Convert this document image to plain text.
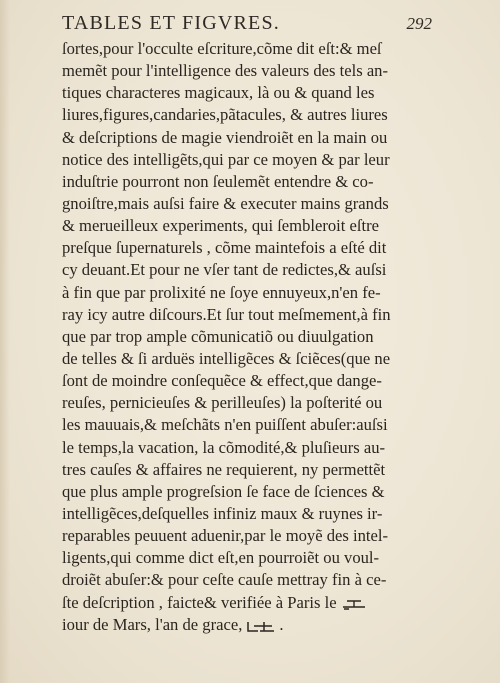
TABLES ET FIGVRES.	292
ſortes,pour l'occulte eſcriture,cõme dit eſt:& meſ
memẽt pour l'intelligence des valeurs des tels an-
tiques characteres magicaux, là ou & quand les
liures,figures,candaries,pãtacules, & autres liures
& deſcriptions de magie viendroiẽt en la main ou
notice des intelligẽts,qui par ce moyen & par leur
induſtrie pourront non ſeulemẽt entendre & co-
gnoiſtre,mais auſsi faire & executer mains grands
& merueilleux experiments, qui ſembleroit eſtre
preſque ſupernaturels , cõme maintefois a eſté dit
cy deuant.Et pour ne vſer tant de redictes,& auſsi
à fin que par prolixité ne ſoye ennuyeux,n'en fe-
ray icy autre diſcours.Et ſur tout meſmement,à fin
que par trop ample cõmunicatiõ ou diuulgation
de telles & ſi arduës intelligẽces & ſciẽces(que ne
ſont de moindre conſequẽce & effect,que dange-
reuſes, pernicieuſes & perilleuſes) la poſterité ou
les mauuais,& meſchãts n'en puiſſent abuſer:auſsi
le temps,la vacation, la cõmodité,& pluſieurs au-
tres cauſes & affaires ne requierent, ny permettẽt
que plus ample progreſsion ſe face de ſciences &
intelligẽces,deſquelles infiniz maux & ruynes ir-
reparables peuuent aduenir,par le moyẽ des intel-
ligents,qui comme dict eſt,en pourroiẽt ou voul-
droiẽt abuſer:& pour ceſte cauſe mettray fin à ce-
ſte deſcription , faicte& verifiée à Paris le
iour de Mars, l'an de grace, .
